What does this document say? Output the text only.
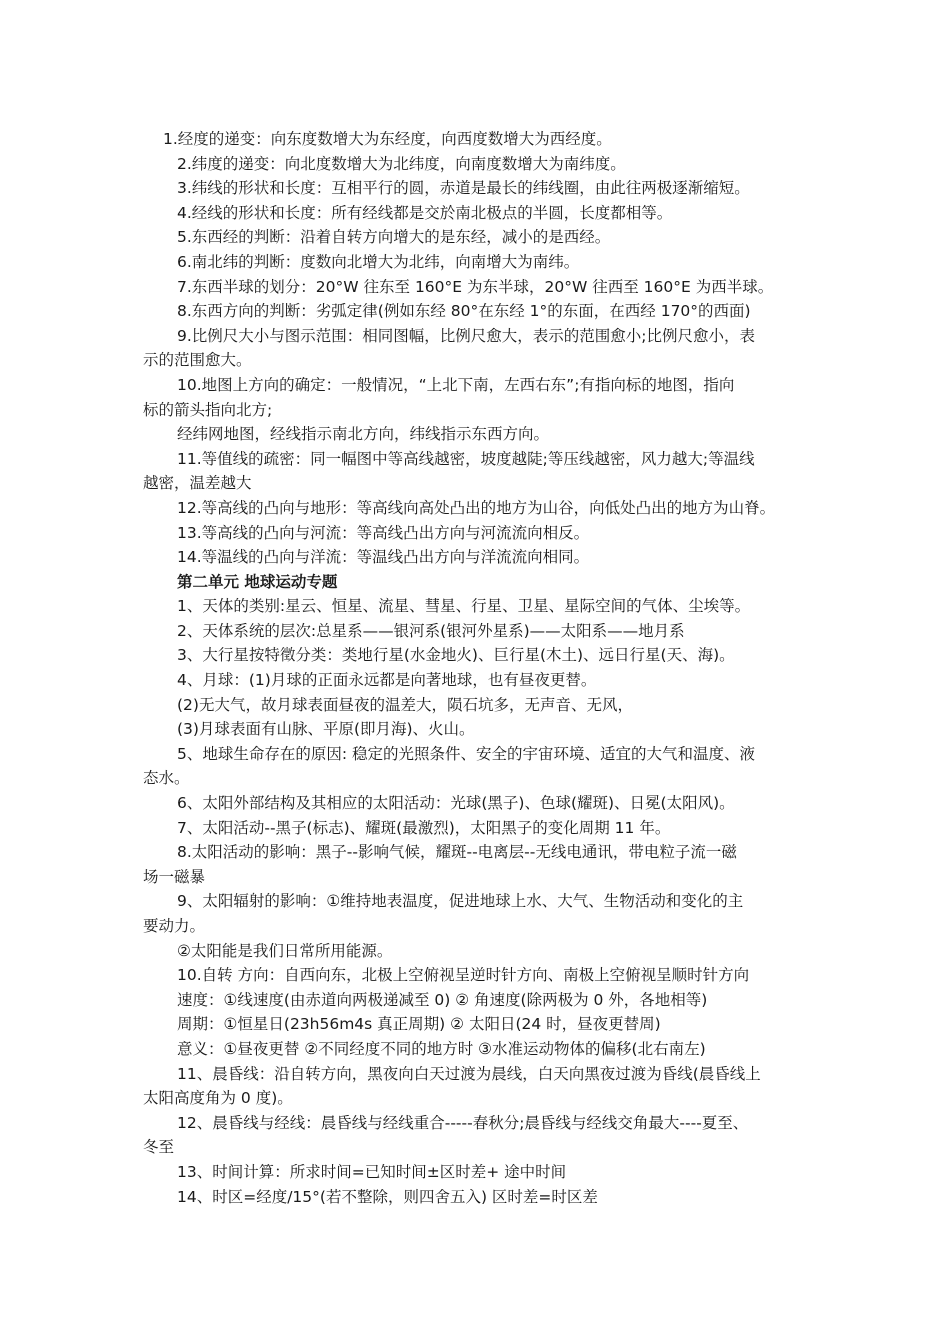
1.经度的递变：向东度数增大为东经度，向西度数增大为西经度。

2.纬度的递变：向北度数增大为北纬度，向南度数增大为南纬度。

3.纬线的形状和长度：互相平行的圆，赤道是最长的纬线圈，由此往两极逐渐缩短。

4.经线的形状和长度：所有经线都是交於南北极点的半圆，长度都相等。

5.东西经的判断：沿着自转方向增大的是东经，减小的是西经。

6.南北纬的判断：度数向北增大为北纬，向南增大为南纬。

7.东西半球的划分：20°W 往东至 160°E 为东半球，20°W 往西至 160°E 为西半球。

8.东西方向的判断：劣弧定律(例如东经 80°在东经 1°的东面，在西经 170°的西面)

9.比例尺大小与图示范围：相同图幅，比例尺愈大，表示的范围愈小;比例尺愈小，表

示的范围愈大。

10.地图上方向的确定：一般情况，“上北下南，左西右东”;有指向标的地图，指向

标的箭头指向北方;

经纬网地图，经线指示南北方向，纬线指示东西方向。

11.等值线的疏密：同一幅图中等高线越密，坡度越陡;等压线越密，风力越大;等温线

越密，温差越大

12.等高线的凸向与地形：等高线向高处凸出的地方为山谷，向低处凸出的地方为山脊。

13.等高线的凸向与河流：等高线凸出方向与河流流向相反。

14.等温线的凸向与洋流：等温线凸出方向与洋流流向相同。

第二单元 地球运动专题

1、天体的类别:星云、恒星、流星、彗星、行星、卫星、星际空间的气体、尘埃等。

2、天体系统的层次:总星系——银河系(银河外星系)——太阳系——地月系

3、大行星按特徵分类：类地行星(水金地火)、巨行星(木土)、远日行星(天、海)。

4、月球：(1)月球的正面永远都是向著地球，也有昼夜更替。

(2)无大气，故月球表面昼夜的温差大，陨石坑多，无声音、无风，

(3)月球表面有山脉、平原(即月海)、火山。

5、地球生命存在的原因: 稳定的光照条件、安全的宇宙环境、适宜的大气和温度、液

态水。

6、太阳外部结构及其相应的太阳活动：光球(黑子)、色球(耀斑)、日冕(太阳风)。

7、太阳活动--黑子(标志)、耀斑(最激烈)，太阳黑子的变化周期 11 年。

8.太阳活动的影响：黑子--影响气候，耀斑--电离层--无线电通讯，带电粒子流一磁

场一磁暴

9、太阳辐射的影响：①维持地表温度，促进地球上水、大气、生物活动和变化的主

要动力。

②太阳能是我们日常所用能源。

10.自转 方向：自西向东，北极上空俯视呈逆时针方向、南极上空俯视呈顺时针方向

速度：①线速度(由赤道向两极递减至 0) ② 角速度(除两极为 0 外，各地相等)

周期：①恒星日(23h56m4s 真正周期) ② 太阳日(24 时，昼夜更替周)

意义：①昼夜更替 ②不同经度不同的地方时 ③水准运动物体的偏移(北右南左)

11、晨昏线：沿自转方向，黑夜向白天过渡为晨线，白天向黑夜过渡为昏线(晨昏线上

太阳高度角为 0 度)。

12、晨昏线与经线：晨昏线与经线重合-----春秋分;晨昏线与经线交角最大----夏至、

冬至

13、时间计算：所求时间=已知时间±区时差+ 途中时间

14、时区=经度/15°(若不整除，则四舍五入) 区时差=时区差
